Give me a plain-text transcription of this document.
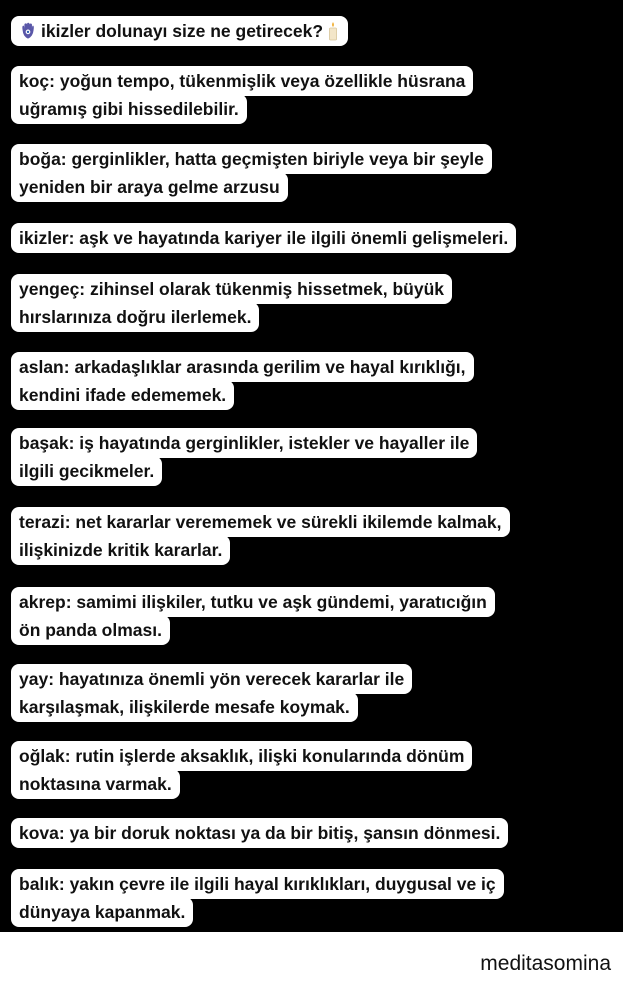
ikizler dolunayı size ne getirecek?
koç: yoğun tempo, tükenmişlik veya özellikle hüsrana
uğramış gibi hissedilebilir.
boğa: gerginlikler, hatta geçmişten biriyle veya bir şeyle
yeniden bir araya gelme arzusu
ikizler: aşk ve hayatında kariyer ile ilgili önemli gelişmeleri.
yengeç: zihinsel olarak tükenmiş hissetmek, büyük
hırslarınıza doğru ilerlemek.
aslan: arkadaşlıklar arasında gerilim ve hayal kırıklığı,
kendini ifade edememek.
başak: iş hayatında gerginlikler, istekler ve hayaller ile
ilgili gecikmeler.
terazi: net kararlar verememek ve sürekli ikilemde kalmak,
ilişkinizde kritik kararlar.
akrep: samimi ilişkiler, tutku ve aşk gündemi, yaratıcığın
ön panda olması.
yay: hayatınıza önemli yön verecek kararlar ile
karşılaşmak, ilişkilerde mesafe koymak.
oğlak: rutin işlerde aksaklık, ilişki konularında dönüm
noktasına varmak.
kova: ya bir doruk noktası ya da bir bitiş, şansın dönmesi.
balık: yakın çevre ile ilgili hayal kırıklıkları, duygusal ve iç
dünyaya kapanmak.
meditasomina
